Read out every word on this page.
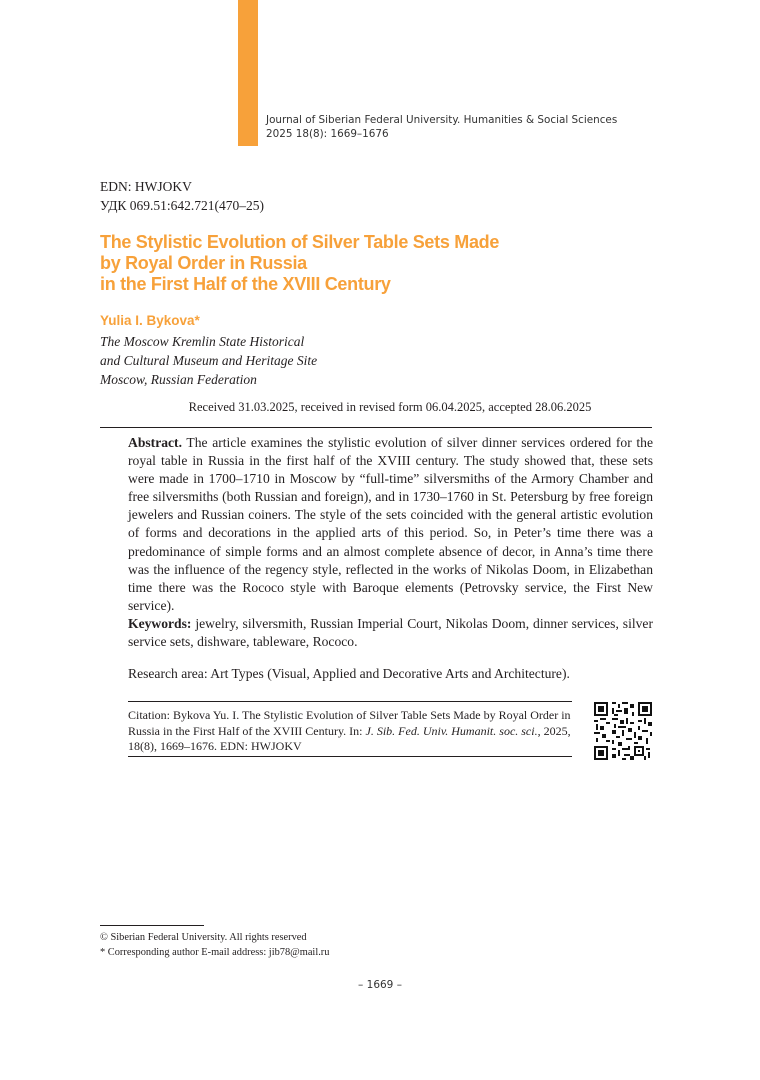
Journal of Siberian Federal University. Humanities & Social Sciences
2025 18(8): 1669–1676
EDN: HWJOKV
УДК 069.51:642.721(470–25)
The Stylistic Evolution of Silver Table Sets Made
by Royal Order in Russia
in the First Half of the XVIII Century
Yulia I. Bykova*
The Moscow Kremlin State Historical
and Cultural Museum and Heritage Site
Moscow, Russian Federation
Received 31.03.2025, received in revised form 06.04.2025, accepted 28.06.2025
Abstract. The article examines the stylistic evolution of silver dinner services ordered for the royal table in Russia in the first half of the XVIII century. The study showed that, these sets were made in 1700–1710 in Moscow by “full-time” silversmiths of the Armory Chamber and free silversmiths (both Russian and foreign), and in 1730–1760 in St. Petersburg by free foreign jewelers and Russian coiners. The style of the sets coincided with the general artistic evolution of forms and decorations in the applied arts of this period. So, in Peter’s time there was a predominance of simple forms and an almost complete absence of decor, in Anna’s time there was the influence of the regency style, reflected in the works of Nikolas Doom, in Elizabethan time there was the Rococo style with Baroque elements (Petrovsky service, the First New service).
Keywords: jewelry, silversmith, Russian Imperial Court, Nikolas Doom, dinner services, silver service sets, dishware, tableware, Rococo.
Research area: Art Types (Visual, Applied and Decorative Arts and Architecture).
Citation: Bykova Yu. I. The Stylistic Evolution of Silver Table Sets Made by Royal Order in Russia in the First Half of the XVIII Century. In: J. Sib. Fed. Univ. Humanit. soc. sci., 2025, 18(8), 1669–1676. EDN: HWJOKV
© Siberian Federal University. All rights reserved
* Corresponding author E-mail address: jib78@mail.ru
– 1669 –
